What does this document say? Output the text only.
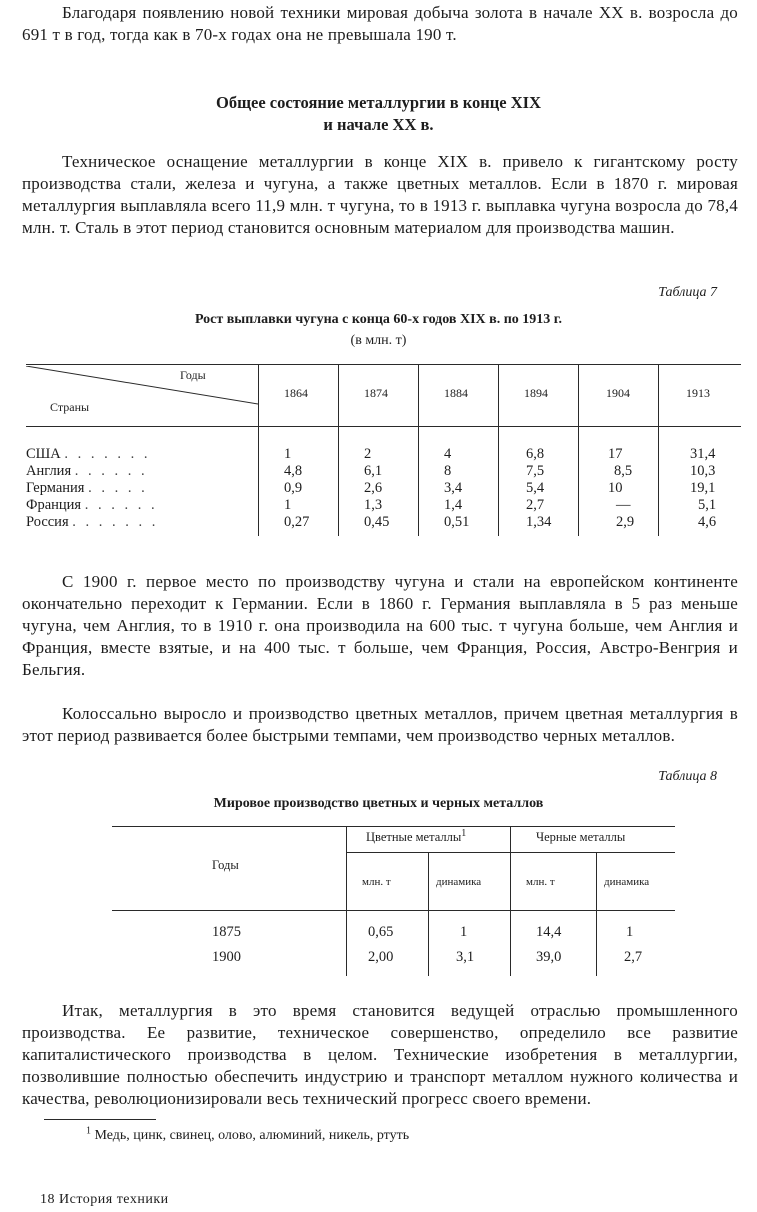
Благодаря появлению новой техники мировая добыча золота в начале XX в. возросла до 691 т в год, тогда как в 70-х годах она не превышала 190 т.

Общее состояние металлургии в конце XIX

и начале XX в.

Техническое оснащение металлургии в конце XIX в. привело к гигантскому росту производства стали, железа и чугуна, а также цветных металлов. Если в 1870 г. мировая металлургия выплавляла всего 11,9 млн. т чугуна, то в 1913 г. выплавка чугуна возросла до 78,4 млн. т. Сталь в этот период становится основным материалом для производства машин.

Таблица 7

Рост выплавки чугуна с конца 60-х годов XIX в. по 1913 г.

(в млн. т)

Годы
Страны
1864	1874	1884	1894	1904	1913
США . . . . . . .	1	2	4	6,8	17	31,4
Англия . . . . . .	4,8	6,1	8	7,5	8,5	10,3
Германия . . . . .	0,9	2,6	3,4	5,4	10	19,1
Франция . . . . . .	1	1,3	1,4	2,7	—	5,1
Россия . . . . . . .	0,27	0,45	0,51	1,34	2,9	4,6

С 1900 г. первое место по производству чугуна и стали на европейском континенте окончательно переходит к Германии. Если в 1860 г. Германия выплавляла в 5 раз меньше чугуна, чем Англия, то в 1910 г. она производила на 600 тыс. т чугуна больше, чем Англия и Франция, вместе взятые, и на 400 тыс. т больше, чем Франция, Россия, Австро-Венгрия и Бельгия.

Колоссально выросло и производство цветных металлов, причем цветная металлургия в этот период развивается более быстрыми темпами, чем производство черных металлов.

Таблица 8

Мировое производство цветных и черных металлов

Годы
Цветные металлы$^1$	Черные металлы
млн. т	динамика	млн. т	динамика
1875	0,65	1	14,4	1
1900	2,00	3,1	39,0	2,7

Итак, металлургия в это время становится ведущей отраслью промышленного производства. Ее развитие, техническое совершенство, определило все развитие капиталистического производства в целом. Технические изобретения в металлургии, позволившие полностью обеспечить индустрию и транспорт металлом нужного количества и качества, революционизировали весь технический прогресс своего времени.

$^1$ Медь, цинк, свинец, олово, алюминий, никель, ртуть

18 История техники
